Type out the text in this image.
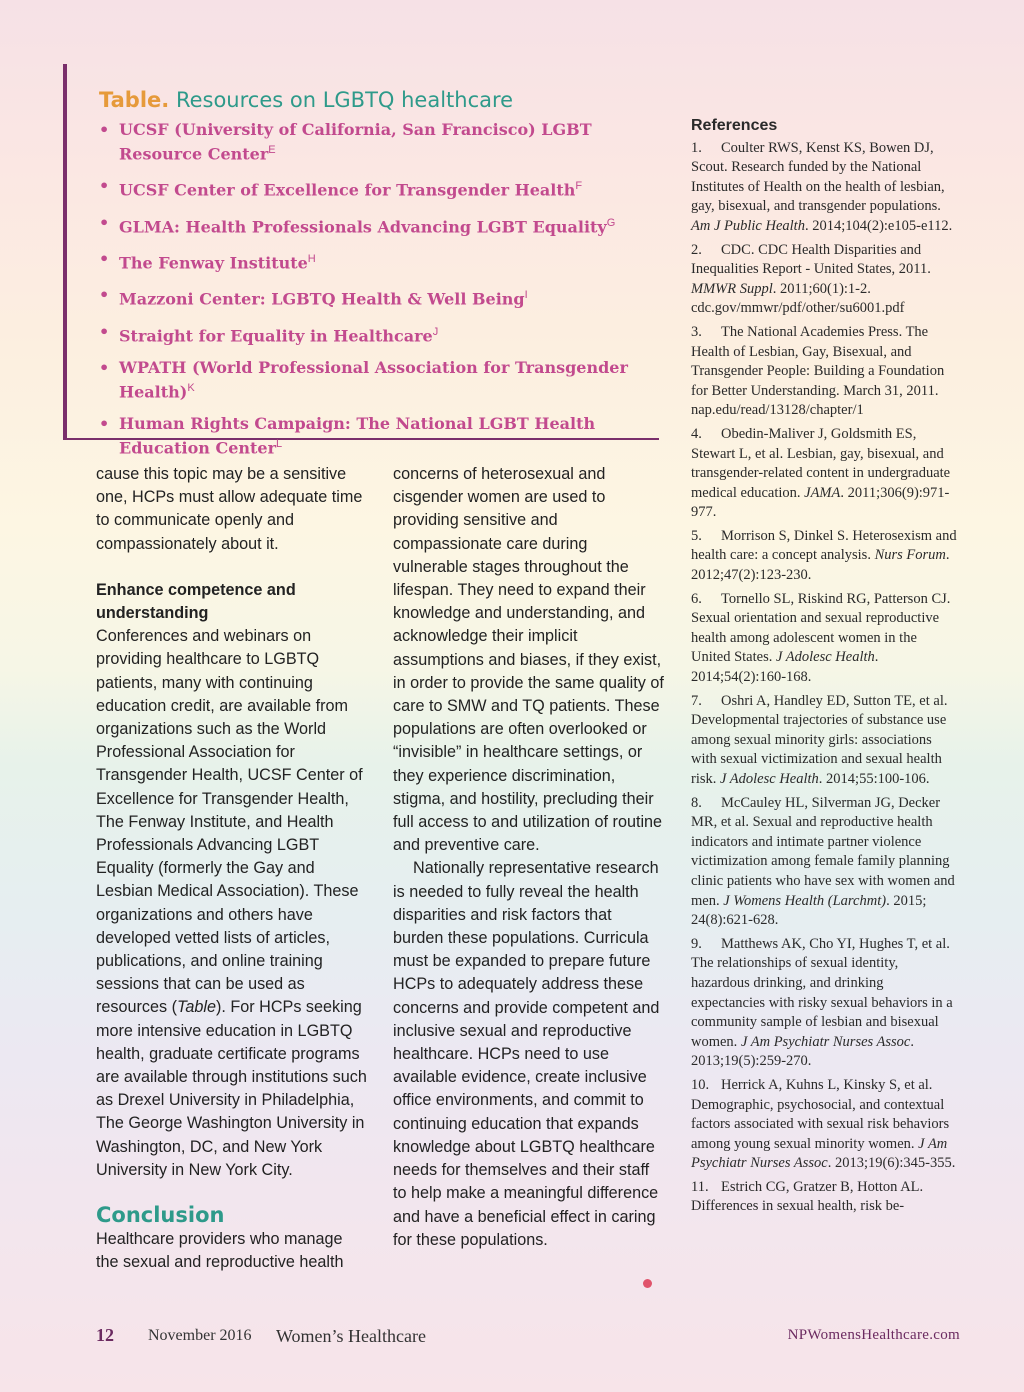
Table. Resources on LGBTQ healthcare
• UCSF (University of California, San Francisco) LGBT Resource Center$^E$
• UCSF Center of Excellence for Transgender Health$^F$
• GLMA: Health Professionals Advancing LGBT Equality$^G$
• The Fenway Institute$^H$
• Mazzoni Center: LGBTQ Health & Well Being$^I$
• Straight for Equality in Healthcare$^J$
• WPATH (World Professional Association for Transgender Health)$^K$
• Human Rights Campaign: The National LGBT Health Education Center$^L$

cause this topic may be a sensitive one, HCPs must allow adequate time to communicate openly and compassionately about it.

Enhance competence and understanding

Conferences and webinars on providing healthcare to LGBTQ patients, many with continuing education credit, are available from organizations such as the World Professional Association for Transgender Health, UCSF Center of Excellence for Transgender Health, The Fenway Institute, and Health Professionals Advancing LGBT Equality (formerly the Gay and Lesbian Medical Association). These organizations and others have developed vetted lists of articles, publications, and online training sessions that can be used as resources (Table). For HCPs seeking more intensive education in LGBTQ health, graduate certificate programs are available through institutions such as Drexel University in Philadelphia, The George Washington University in Washington, DC, and New York University in New York City.

Conclusion

Healthcare providers who manage the sexual and reproductive health

concerns of heterosexual and cisgender women are used to providing sensitive and compassionate care during vulnerable stages throughout the lifespan. They need to expand their knowledge and understanding, and acknowledge their implicit assumptions and biases, if they exist, in order to provide the same quality of care to SMW and TQ patients. These populations are often overlooked or “invisible” in healthcare settings, or they experience discrimination, stigma, and hostility, precluding their full access to and utilization of routine and preventive care.

Nationally representative research is needed to fully reveal the health disparities and risk factors that burden these populations. Curricula must be expanded to prepare future HCPs to adequately address these concerns and provide competent and inclusive sexual and reproductive healthcare. HCPs need to use available evidence, create inclusive office environments, and commit to continuing education that expands knowledge about LGBTQ healthcare needs for themselves and their staff to help make a meaningful difference and have a beneficial effect in caring for these populations.

References
1. Coulter RWS, Kenst KS, Bowen DJ, Scout. Research funded by the National Institutes of Health on the health of lesbian, gay, bisexual, and transgender populations. Am J Public Health. 2014;104(2):e105-e112.
2. CDC. CDC Health Disparities and Inequalities Report - United States, 2011. MMWR Suppl. 2011;60(1):1-2. cdc.gov/mmwr/pdf/other/su6001.pdf
3. The National Academies Press. The Health of Lesbian, Gay, Bisexual, and Transgender People: Building a Foundation for Better Understanding. March 31, 2011. nap.edu/read/13128/chapter/1
4. Obedin-Maliver J, Goldsmith ES, Stewart L, et al. Lesbian, gay, bisexual, and transgender-related content in undergraduate medical education. JAMA. 2011;306(9):971-977.
5. Morrison S, Dinkel S. Heterosexism and health care: a concept analysis. Nurs Forum. 2012;47(2):123-230.
6. Tornello SL, Riskind RG, Patterson CJ. Sexual orientation and sexual reproductive health among adolescent women in the United States. J Adolesc Health. 2014;54(2):160-168.
7. Oshri A, Handley ED, Sutton TE, et al. Developmental trajectories of substance use among sexual minority girls: associations with sexual victimization and sexual health risk. J Adolesc Health. 2014;55:100-106.
8. McCauley HL, Silverman JG, Decker MR, et al. Sexual and reproductive health indicators and intimate partner violence victimization among female family planning clinic patients who have sex with women and men. J Womens Health (Larchmt). 2015; 24(8):621-628.
9. Matthews AK, Cho YI, Hughes T, et al. The relationships of sexual identity, hazardous drinking, and drinking expectancies with risky sexual behaviors in a community sample of lesbian and bisexual women. J Am Psychiatr Nurses Assoc. 2013;19(5):259-270.
10. Herrick A, Kuhns L, Kinsky S, et al. Demographic, psychosocial, and contextual factors associated with sexual risk behaviors among young sexual minority women. J Am Psychiatr Nurses Assoc. 2013;19(6):345-355.
11. Estrich CG, Gratzer B, Hotton AL. Differences in sexual health, risk be-
12 November 2016 Women’s Healthcare	NPWomensHealthcare.com
